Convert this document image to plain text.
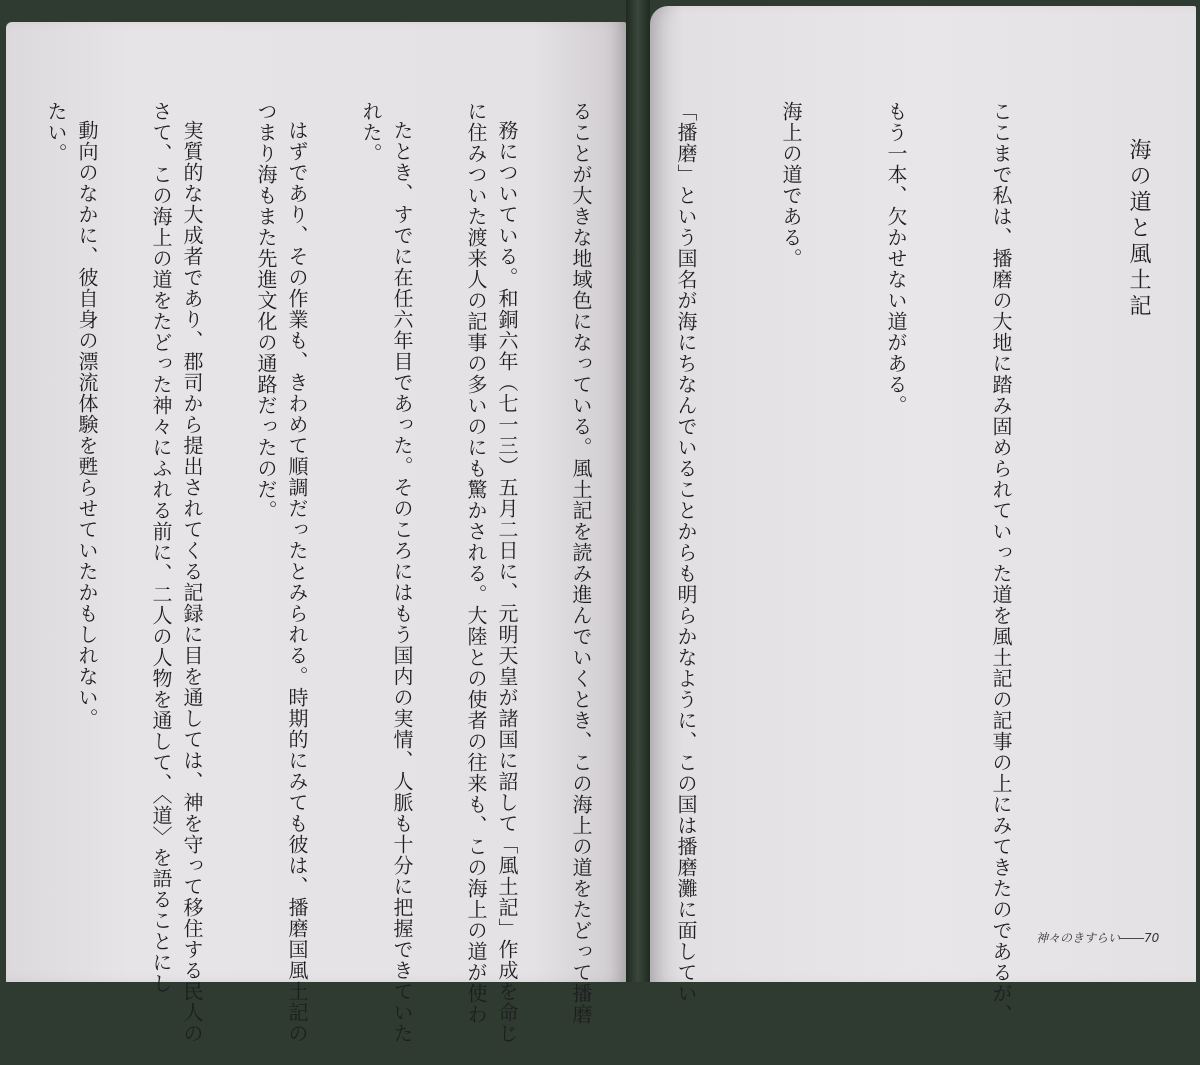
務についている。和銅六年（七一三）五月二日に、元明天皇が諸国に詔して「風土記」作成を命じ

たとき、すでに在任六年目であった。そのころにはもう国内の実情、人脈も十分に把握できていた

はずであり、その作業も、きわめて順調だったとみられる。時期的にみても彼は、播磨国風土記の

実質的な大成者であり、郡司から提出されてくる記録に目を通しては、神を守って移住する民人の

動向のなかに、彼自身の漂流体験を甦らせていたかもしれない。

	海の道と風土記

ここまで私は、播磨の大地に踏み固められていった道を風土記の記事の上にみてきたのであるが、

もう一本、欠かせない道がある。

海上の道である。

「播磨」という国名が海にちなんでいることからも明らかなように、この国は播磨灘に面してい

ることが大きな地域色になっている。風土記を読み進んでいくとき、この海上の道をたどって播磨

に住みついた渡来人の記事の多いのにも驚かされる。大陸との使者の往来も、この海上の道が使わ

れた。

つまり海もまた先進文化の通路だったのだ。

さて、この海上の道をたどった神々にふれる前に、二人の人物を通して、〈道〉を語ることにし

たい。

神々のきすらい――70
